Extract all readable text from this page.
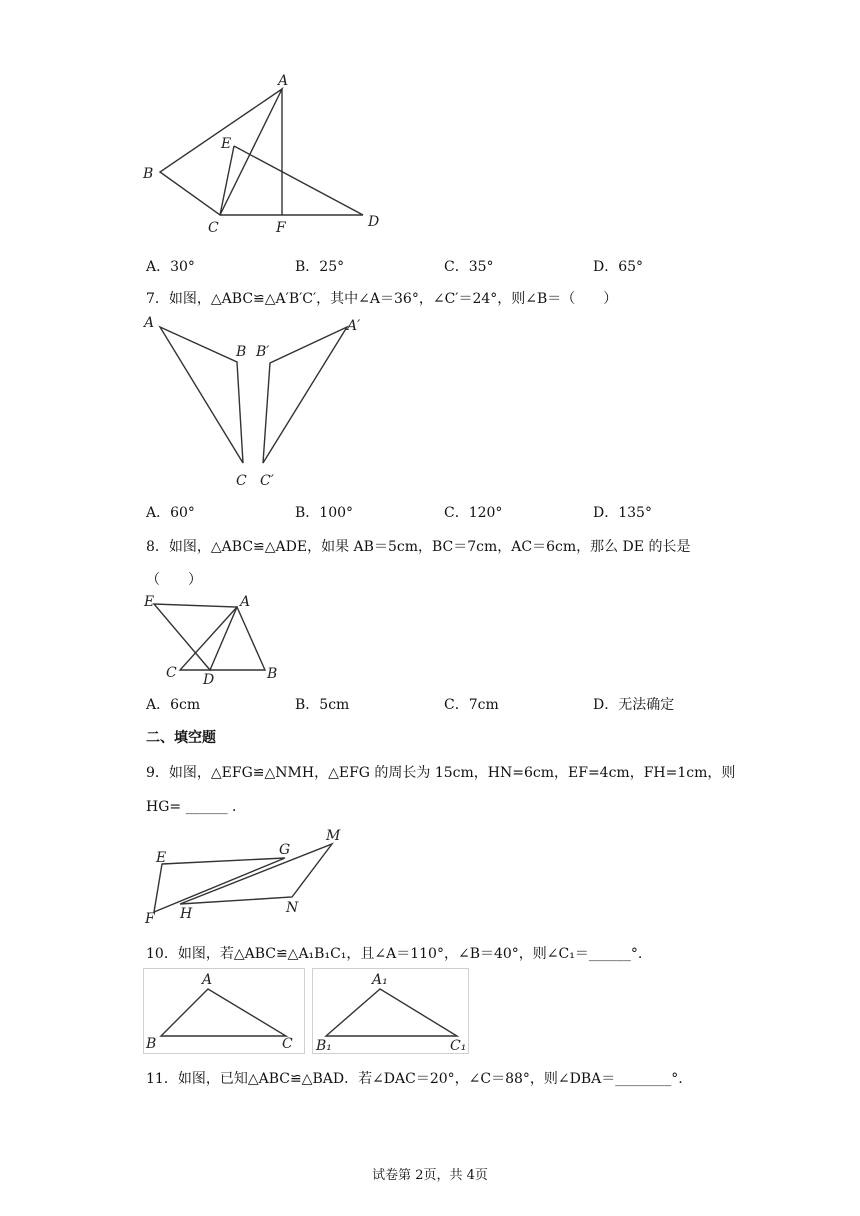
A
B
E
C	F	D
A．30°	B．25°	C．35°	D．65°
7．如图，△ABC≌△A′B′C′，其中∠A＝36°，∠C′＝24°，则∠B＝（　　）
A
B
C
B′
A′
C′
A．60°	B．100°	C．120°	D．135°
8．如图，△ABC≌△ADE，如果 AB＝5cm，BC＝7cm，AC＝6cm，那么 DE 的长是
（　　）
E	A
C D	B
A．6cm	B．5cm	C．7cm	D．无法确定
二、填空题
9．如图，△EFG≌△NMH，△EFG 的周长为 15cm，HN=6cm，EF=4cm，FH=1cm，则
HG= ______ ．
E	G
M
F H	N
10．如图，若△ABC≌△A₁B₁C₁，且∠A＝110°，∠B＝40°，则∠C₁＝______°.
A
B	C
A₁
B₁	C₁
11．如图，已知△ABC≌△BAD．若∠DAC＝20°，∠C＝88°，则∠DBA＝________°.
试卷第 2页，共 4页
